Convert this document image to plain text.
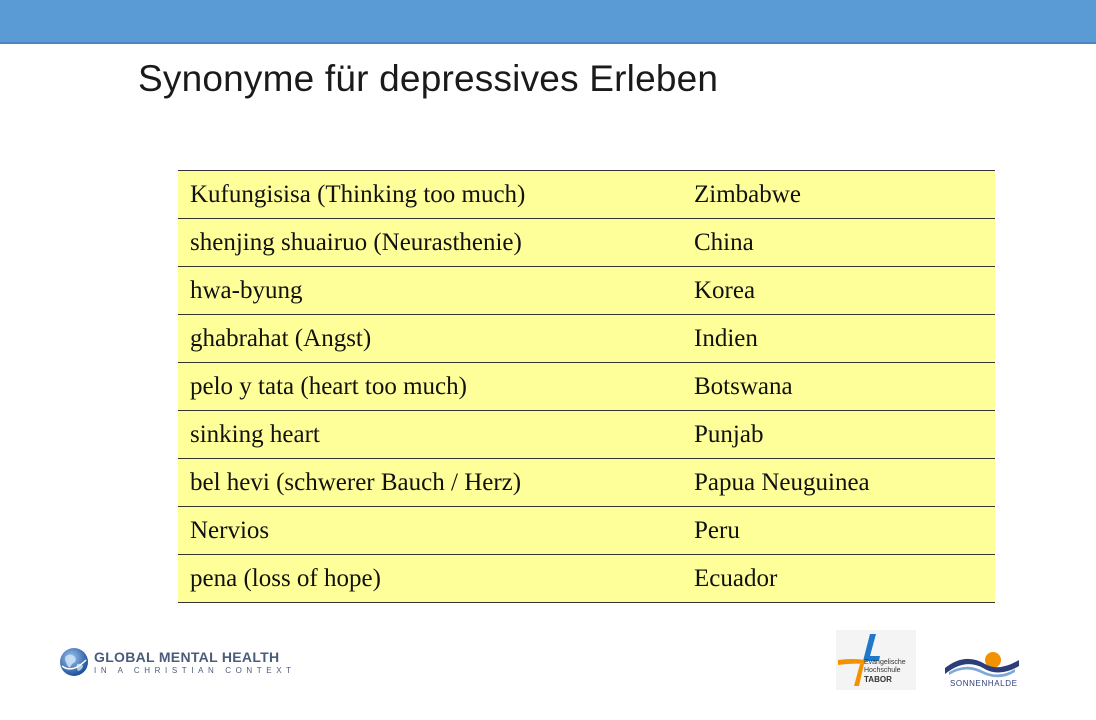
Synonyme für depressives Erleben
Kufungisisa (Thinking too much)	Zimbabwe
shenjing shuairuo (Neurasthenie)	China
hwa-byung	Korea
ghabrahat (Angst)	Indien
pelo y tata (heart too much)	Botswana
sinking heart	Punjab
bel hevi (schwerer Bauch / Herz)	Papua Neuguinea
Nervios	Peru
pena (loss of hope)	Ecuador
GLOBAL MENTAL HEALTH
IN A CHRISTIAN CONTEXT
Evangelische
Hochschule
TABOR	SONNENHALDE
